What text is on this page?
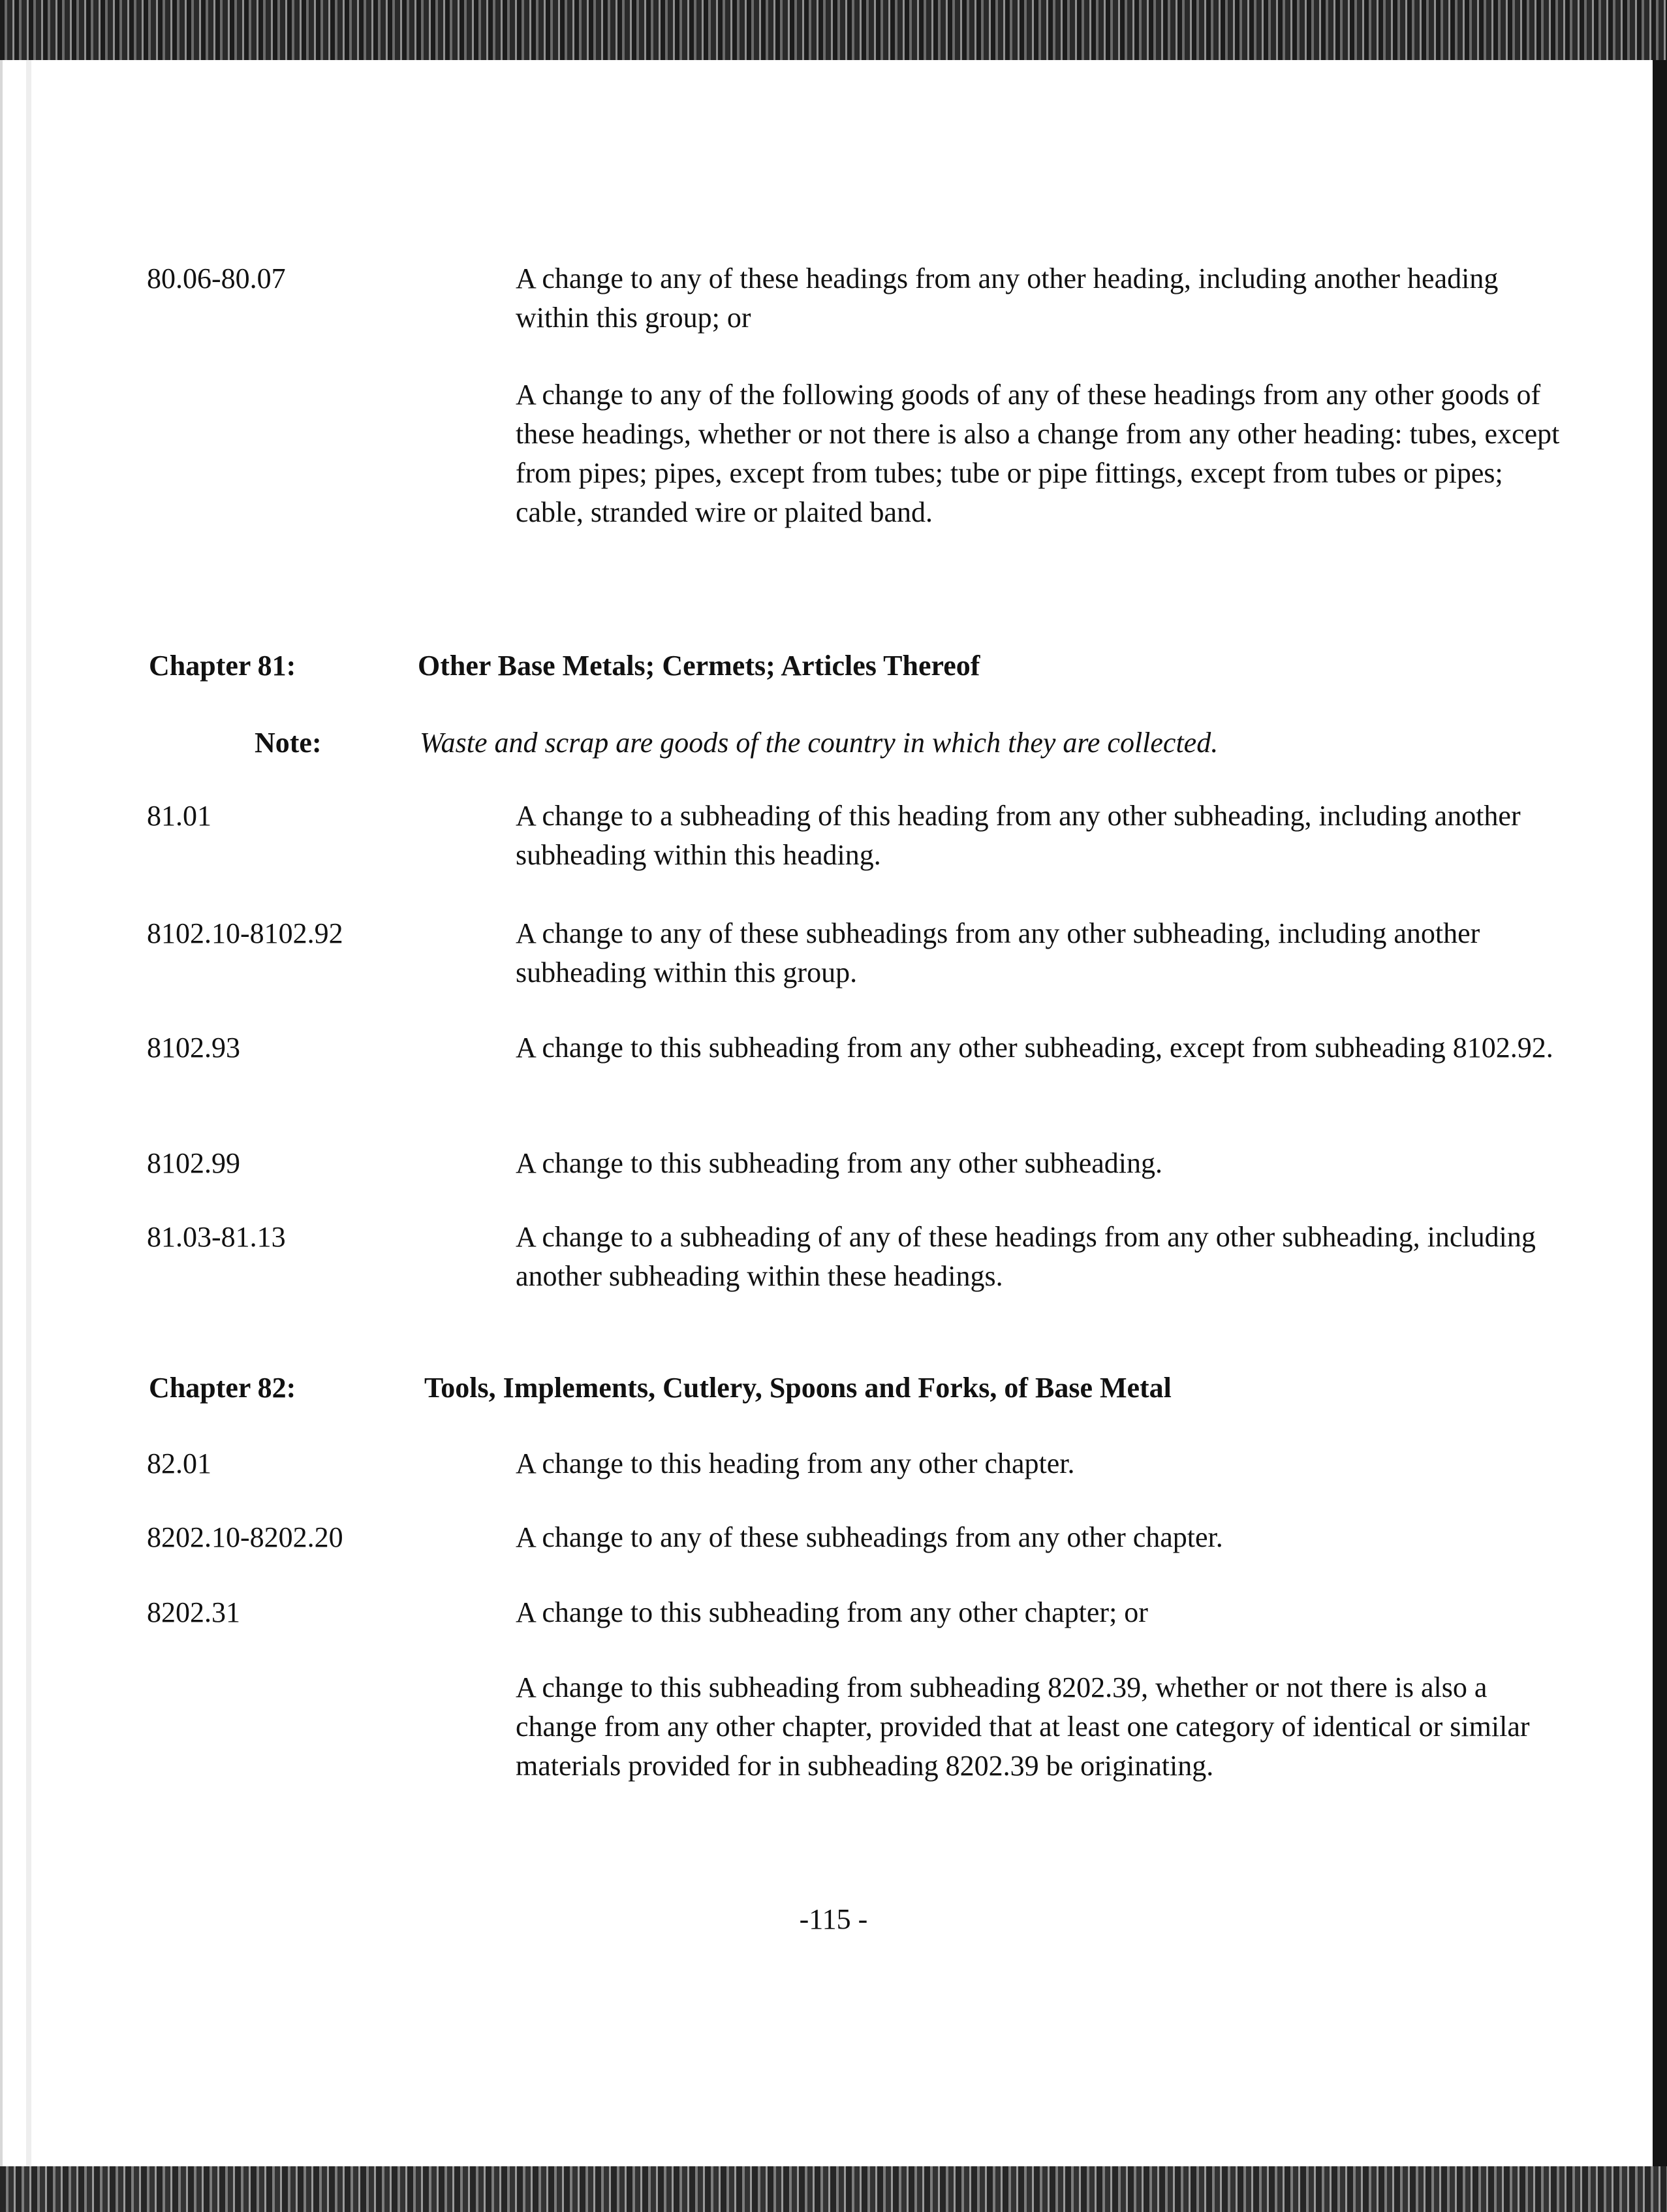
80.06-80.07	A change to any of these headings from any other heading, including another heading within this group; or

A change to any of the following goods of any of these headings from any other goods of these headings, whether or not there is also a change from any other heading: tubes, except from pipes; pipes, except from tubes; tube or pipe fittings, except from tubes or pipes; cable, stranded wire or plaited band.

Chapter 81:	Other Base Metals; Cermets; Articles Thereof

Note:	Waste and scrap are goods of the country in which they are collected.

81.01	A change to a subheading of this heading from any other subheading, including another subheading within this heading.

8102.10-8102.92	A change to any of these subheadings from any other subheading, including another subheading within this group.

8102.93	A change to this subheading from any other subheading, except from subheading 8102.92.

8102.99	A change to this subheading from any other subheading.

81.03-81.13	A change to a subheading of any of these headings from any other subheading, including another subheading within these headings.

Chapter 82:	Tools, Implements, Cutlery, Spoons and Forks, of Base Metal

82.01	A change to this heading from any other chapter.

8202.10-8202.20	A change to any of these subheadings from any other chapter.

8202.31	A change to this subheading from any other chapter; or

A change to this subheading from subheading 8202.39, whether or not there is also a change from any other chapter, provided that at least one category of identical or similar materials provided for in subheading 8202.39 be originating.

-115 -
